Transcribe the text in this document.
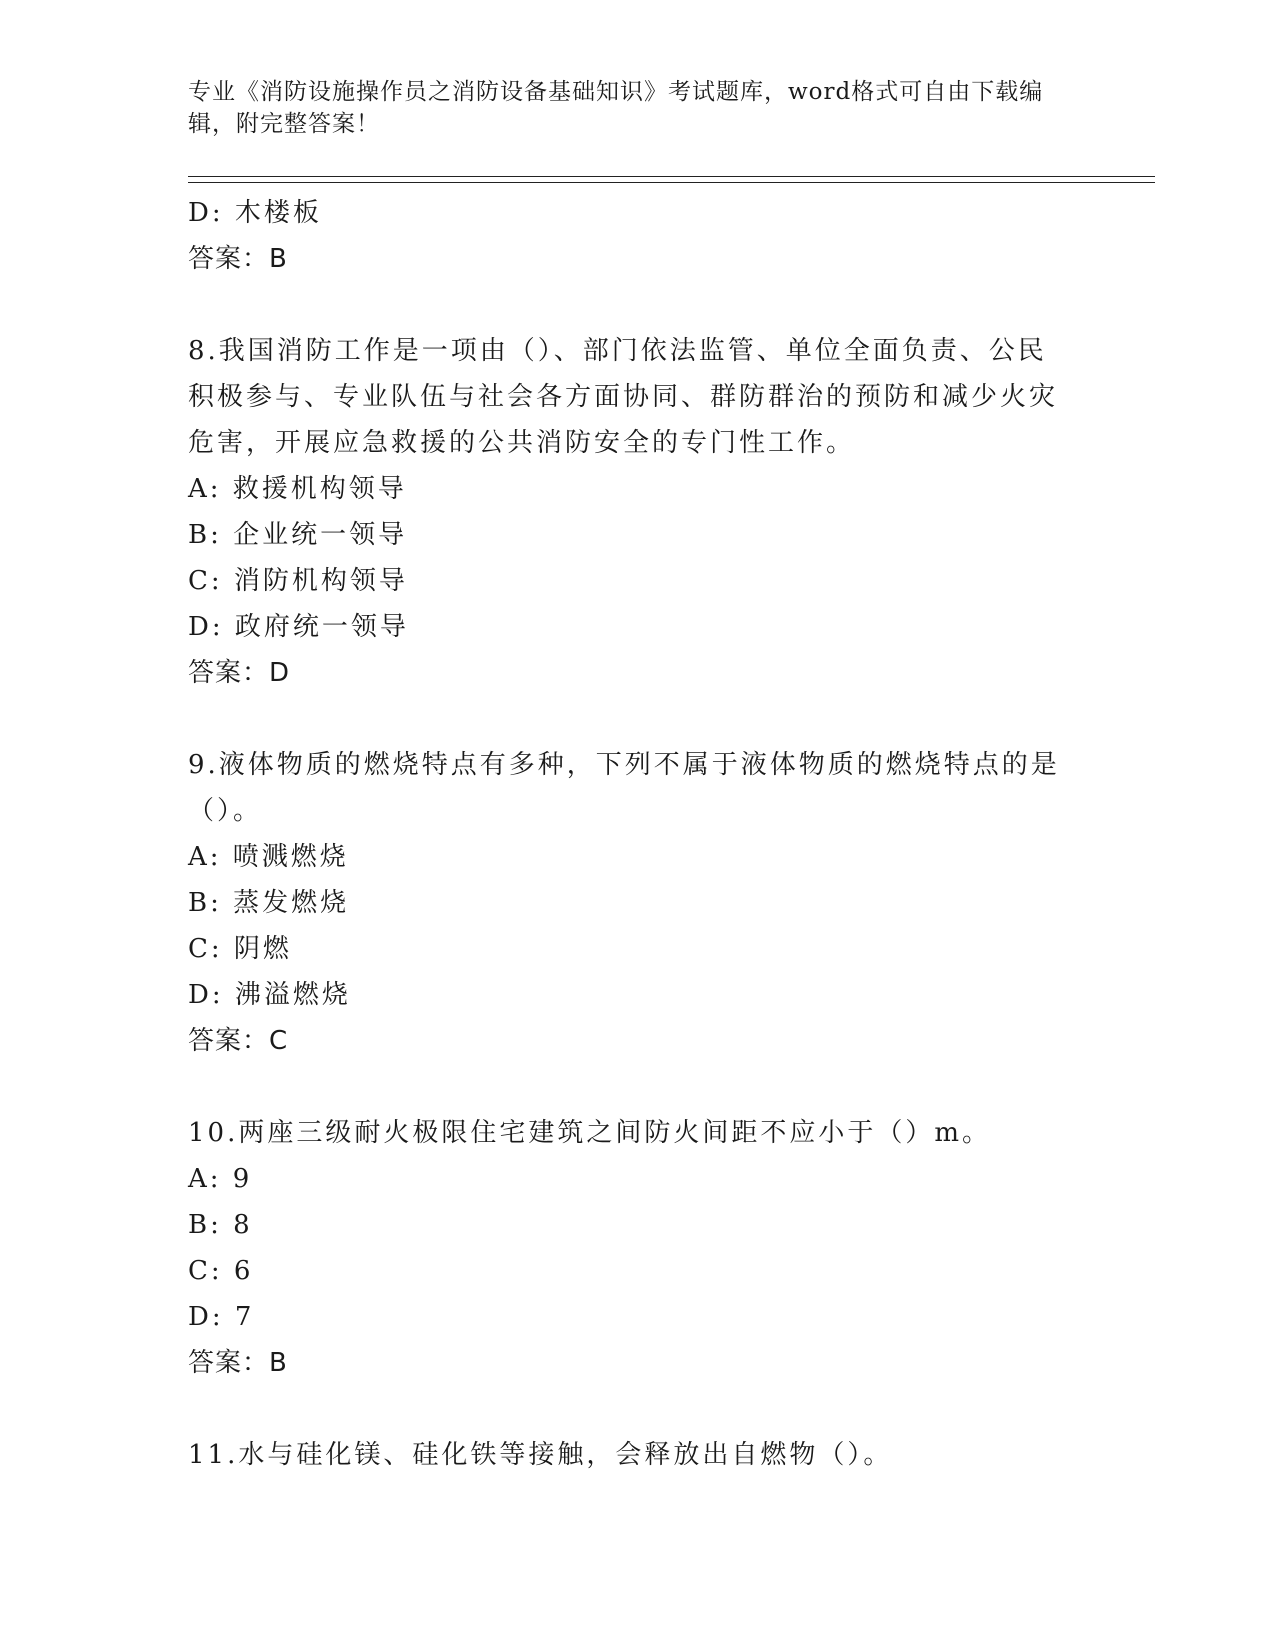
专业《消防设施操作员之消防设备基础知识》考试题库，word格式可自由下载编
辑，附完整答案！
D: 木楼板
答案：B
8.我国消防工作是一项由（）、部门依法监管、单位全面负责、公民
积极参与、专业队伍与社会各方面协同、群防群治的预防和减少火灾
危害，开展应急救援的公共消防安全的专门性工作。
A: 救援机构领导
B: 企业统一领导
C: 消防机构领导
D: 政府统一领导
答案：D
9.液体物质的燃烧特点有多种，下列不属于液体物质的燃烧特点的是
（）。
A: 喷溅燃烧
B: 蒸发燃烧
C: 阴燃
D: 沸溢燃烧
答案：C
10.两座三级耐火极限住宅建筑之间防火间距不应小于（）m。
A: 9
B: 8
C: 6
D: 7
答案：B
11.水与硅化镁、硅化铁等接触，会释放出自燃物（）。
